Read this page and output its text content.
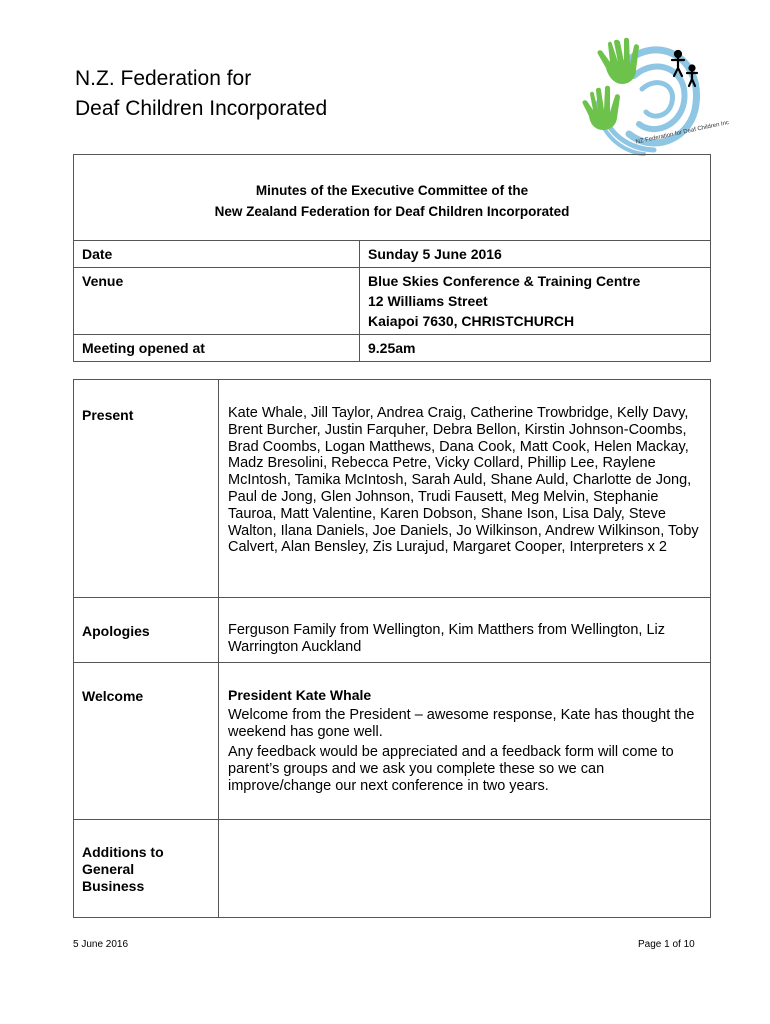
N.Z. Federation for
Deaf Children Incorporated
NZ Federation for Deaf Children Inc
Minutes of the Executive Committee of the
New Zealand Federation for Deaf Children Incorporated
Date	Sunday 5 June 2016
Venue	Blue Skies Conference & Training Centre
12 Williams Street
Kaiapoi 7630, CHRISTCHURCH

Meeting opened at	9.25am

Present	Kate Whale, Jill Taylor, Andrea Craig, Catherine Trowbridge, Kelly Davy, Brent Burcher, Justin Farquher, Debra Bellon, Kirstin Johnson-Coombs, Brad Coombs, Logan Matthews, Dana Cook, Matt Cook, Helen Mackay, Madz Bresolini, Rebecca Petre, Vicky Collard, Phillip Lee, Raylene McIntosh, Tamika McIntosh, Sarah Auld, Shane Auld, Charlotte de Jong, Paul de Jong, Glen Johnson, Trudi Fausett, Meg Melvin, Stephanie Tauroa, Matt Valentine, Karen Dobson, Shane Ison, Lisa Daly, Steve Walton, Ilana Daniels, Joe Daniels, Jo Wilkinson, Andrew Wilkinson, Toby Calvert, Alan Bensley, Zis Lurajud, Margaret Cooper, Interpreters x 2

Apologies	Ferguson Family from Wellington, Kim Matthers from Wellington, Liz Warrington Auckland

Welcome	President Kate Whale

Welcome from the President – awesome response, Kate has thought the weekend has gone well.

Any feedback would be appreciated and a feedback form will come to parent’s groups and we ask you complete these so we can improve/change our next conference in two years.

Additions to
General
Business	

5 June 2016	Page 1 of 10
